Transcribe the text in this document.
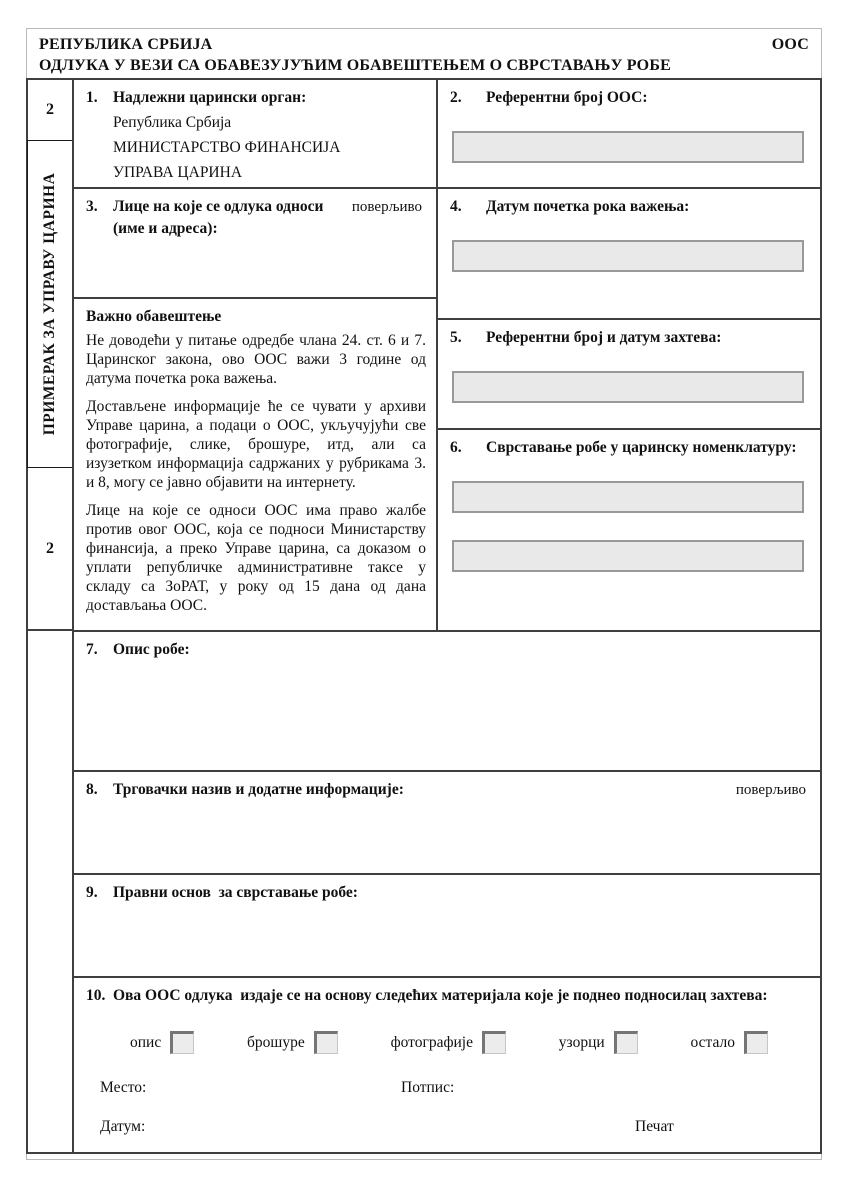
РЕПУБЛИКА СРБИЈА	ООС
ОДЛУКА У ВЕЗИ СА ОБАВЕЗУЈУЋИМ ОБАВЕШТЕЊЕМ О СВРСТАВАЊУ РОБЕ
2
ПРИМЕРАК ЗА УПРАВУ ЦАРИНА
2
1. Надлежни царински орган:
Република Србија
МИНИСТАРСТВО ФИНАНСИЈА
УПРАВА ЦАРИНА
3. Лице на које се одлука односи	поверљиво
(име и адреса):
Важно обавештење

Не доводећи у питање одредбе члана 24. ст. 6 и 7. Царинског закона, ово ООС важи 3 године од датума почетка рока важења.

Достављене информације ће се чувати у архиви Управе царина, а подаци о ООС, укључујући све фотографије, слике, брошуре, итд, али са изузетком информација садржаних у рубрикама 3. и 8, могу се јавно објавити на интернету.

Лице на које се односи ООС има право жалбе против овог ООС, која се подноси Министарству финансија, а преко Управе царина, са доказом о уплати републичке административне таксе у складу са ЗоРАТ, у року од 15 дана од дана достављања ООС.

2.	Референтни број ООС:
4.	Датум почетка рока важења:
5.	Референтни број и датум захтева:
6.	Сврставање робе у царинску номенклатуру:
7. Опис робе:
8. Трговачки назив и додатне информације:	поверљиво
9. Правни основ  за сврставање робе:
10. Ова ООС одлука  издаје се на основу следећих материјала које је поднео подносилац захтева:
опис	брошуре	фотографије	узорци	остало
Место:	Потпис:
Датум:	Печат
